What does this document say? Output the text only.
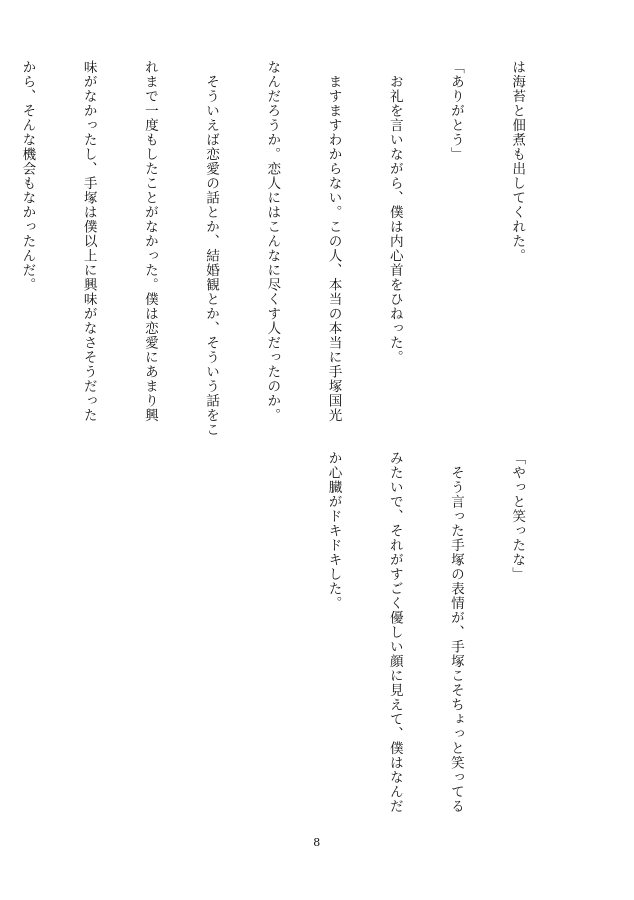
は海苔と佃煮も出してくれた。

「ありがとう」

　お礼を言いながら、僕は内心首をひねった。

　ますますわからない。この人、本当の本当に手塚国光

なんだろうか。恋人にはこんなに尽くす人だったのか。

　そういえば恋愛の話とか、結婚観とか、そういう話をこ

れまで一度もしたことがなかった。僕は恋愛にあまり興

味がなかったし、手塚は僕以上に興味がなさそうだった

から、そんな機会もなかったんだ。

「やっと笑ったな」

　そう言った手塚の表情が、手塚こそちょっと笑ってる

みたいで、それがすごく優しい顔に見えて、僕はなんだ

か心臓がドキドキした。

8
